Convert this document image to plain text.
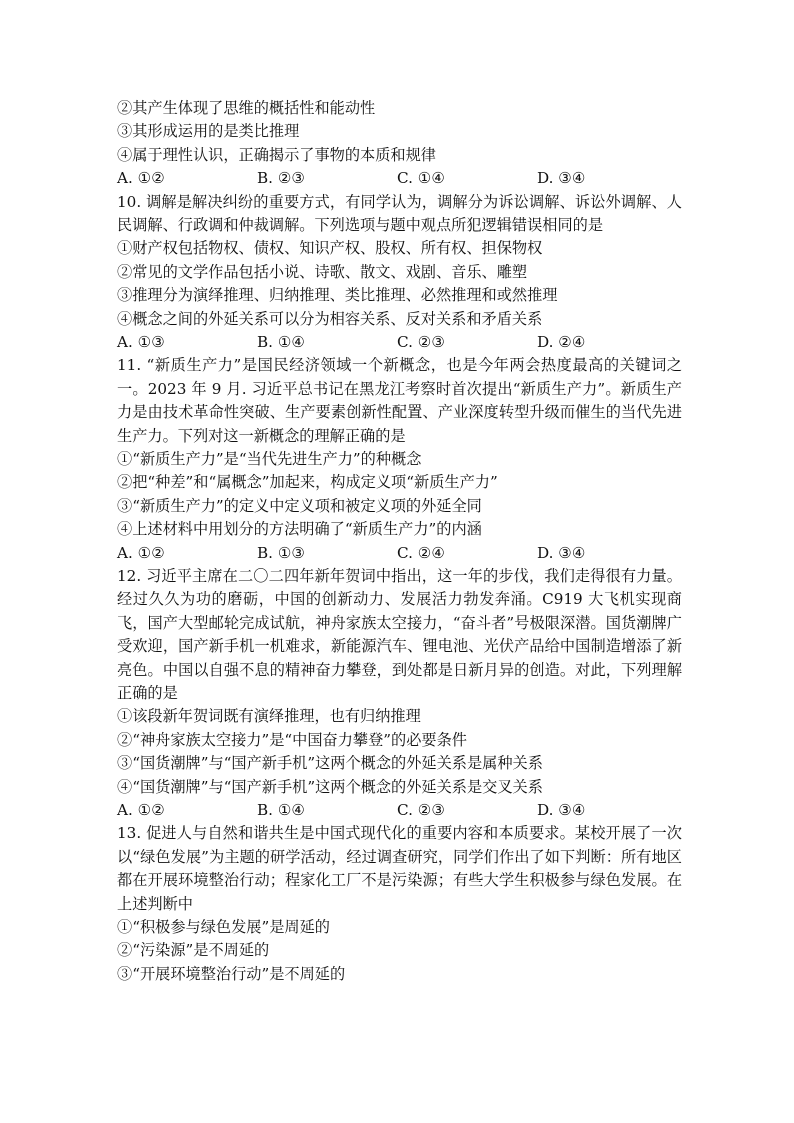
②其产生体现了思维的概括性和能动性
③其形成运用的是类比推理
④属于理性认识，正确揭示了事物的本质和规律
A. ①②	B. ②③	C. ①④	D. ③④
10. 调解是解决纠纷的重要方式，有同学认为，调解分为诉讼调解、诉讼外调解、人民调解、行政调和仲裁调解。下列选项与题中观点所犯逻辑错误相同的是
①财产权包括物权、债权、知识产权、股权、所有权、担保物权
②常见的文学作品包括小说、诗歌、散文、戏剧、音乐、雕塑
③推理分为演绎推理、归纳推理、类比推理、必然推理和或然推理
④概念之间的外延关系可以分为相容关系、反对关系和矛盾关系
A. ①③	B. ①④	C. ②③	D. ②④
11. “新质生产力”是国民经济领域一个新概念，也是今年两会热度最高的关键词之一。2023 年 9 月. 习近平总书记在黑龙江考察时首次提出“新质生产力”。新质生产力是由技术革命性突破、生产要素创新性配置、产业深度转型升级而催生的当代先进生产力。下列对这一新概念的理解正确的是
①“新质生产力”是“当代先进生产力”的种概念
②把“种差”和“属概念”加起来，构成定义项“新质生产力”
③“新质生产力”的定义中定义项和被定义项的外延全同
④上述材料中用划分的方法明确了“新质生产力”的内涵
A. ①②	B. ①③	C. ②④	D. ③④
12. 习近平主席在二〇二四年新年贺词中指出，这一年的步伐，我们走得很有力量。经过久久为功的磨砺，中国的创新动力、发展活力勃发奔涌。C919 大飞机实现商飞，国产大型邮轮完成试航，神舟家族太空接力，“奋斗者”号极限深潜。国货潮牌广受欢迎，国产新手机一机难求，新能源汽车、锂电池、光伏产品给中国制造增添了新亮色。中国以自强不息的精神奋力攀登，到处都是日新月异的创造。对此，下列理解正确的是
①该段新年贺词既有演绎推理，也有归纳推理
②“神舟家族太空接力”是“中国奋力攀登”的必要条件
③“国货潮牌”与“国产新手机”这两个概念的外延关系是属种关系
④“国货潮牌”与“国产新手机”这两个概念的外延关系是交叉关系
A. ①②	B. ①④	C. ②③	D. ③④
13. 促进人与自然和谐共生是中国式现代化的重要内容和本质要求。某校开展了一次以“绿色发展”为主题的研学活动，经过调查研究，同学们作出了如下判断：所有地区都在开展环境整治行动；程家化工厂不是污染源；有些大学生积极参与绿色发展。在上述判断中
①“积极参与绿色发展”是周延的
②“污染源”是不周延的
③“开展环境整治行动”是不周延的
